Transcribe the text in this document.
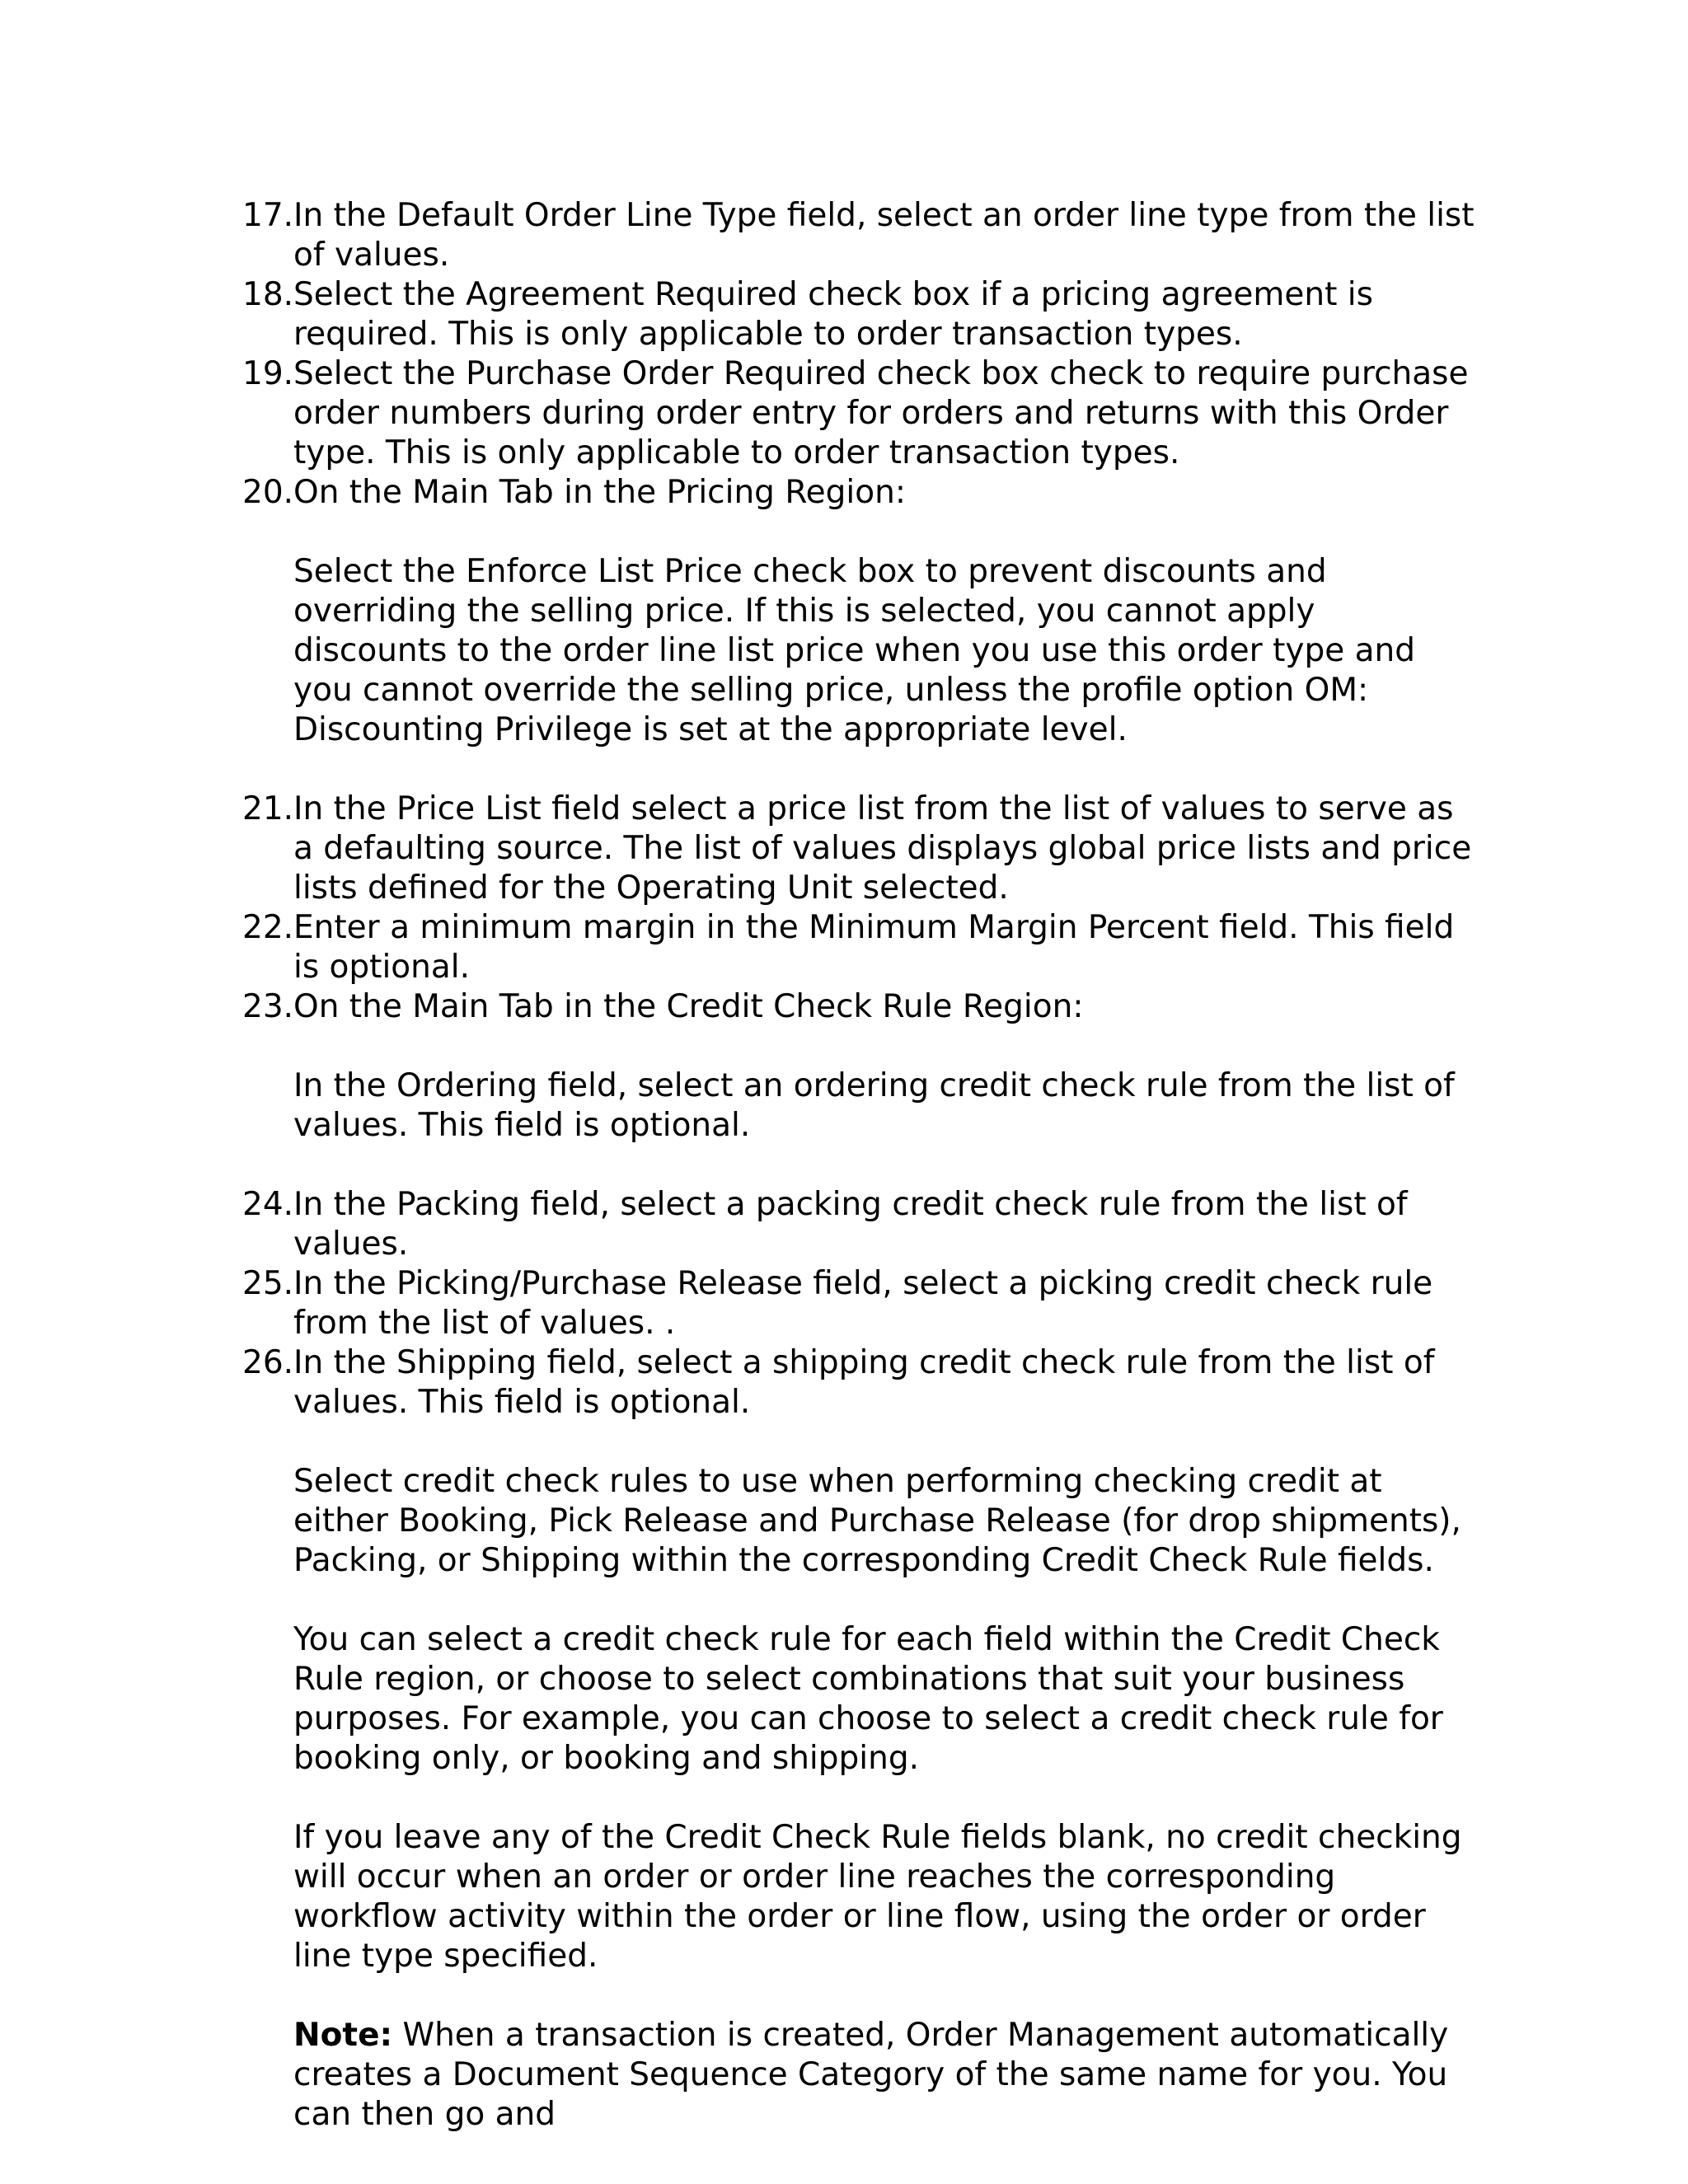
17. In the Default Order Line Type field, select an order line type from the list of values.
18. Select the Agreement Required check box if a pricing agreement is required. This is only applicable to order transaction types.
19. Select the Purchase Order Required check box check to require purchase order numbers during order entry for orders and returns with this Order type. This is only applicable to order transaction types.
20. On the Main Tab in the Pricing Region:
Select the Enforce List Price check box to prevent discounts and overriding the selling price. If this is selected, you cannot apply discounts to the order line list price when you use this order type and you cannot override the selling price, unless the profile option OM: Discounting Privilege is set at the appropriate level.
21. In the Price List field select a price list from the list of values to serve as a defaulting source. The list of values displays global price lists and price lists defined for the Operating Unit selected.
22. Enter a minimum margin in the Minimum Margin Percent field. This field is optional.
23. On the Main Tab in the Credit Check Rule Region:
In the Ordering field, select an ordering credit check rule from the list of values. This field is optional.
24. In the Packing field, select a packing credit check rule from the list of values.
25. In the Picking/Purchase Release field, select a picking credit check rule from the list of values. .
26. In the Shipping field, select a shipping credit check rule from the list of values. This field is optional.
Select credit check rules to use when performing checking credit at either Booking, Pick Release and Purchase Release (for drop shipments), Packing, or Shipping within the corresponding Credit Check Rule fields.
You can select a credit check rule for each field within the Credit Check Rule region, or choose to select combinations that suit your business purposes. For example, you can choose to select a credit check rule for booking only, or booking and shipping.
If you leave any of the Credit Check Rule fields blank, no credit checking will occur when an order or order line reaches the corresponding workflow activity within the order or line flow, using the order or order line type specified.
Note: When a transaction is created, Order Management automatically creates a Document Sequence Category of the same name for you. You can then go and
